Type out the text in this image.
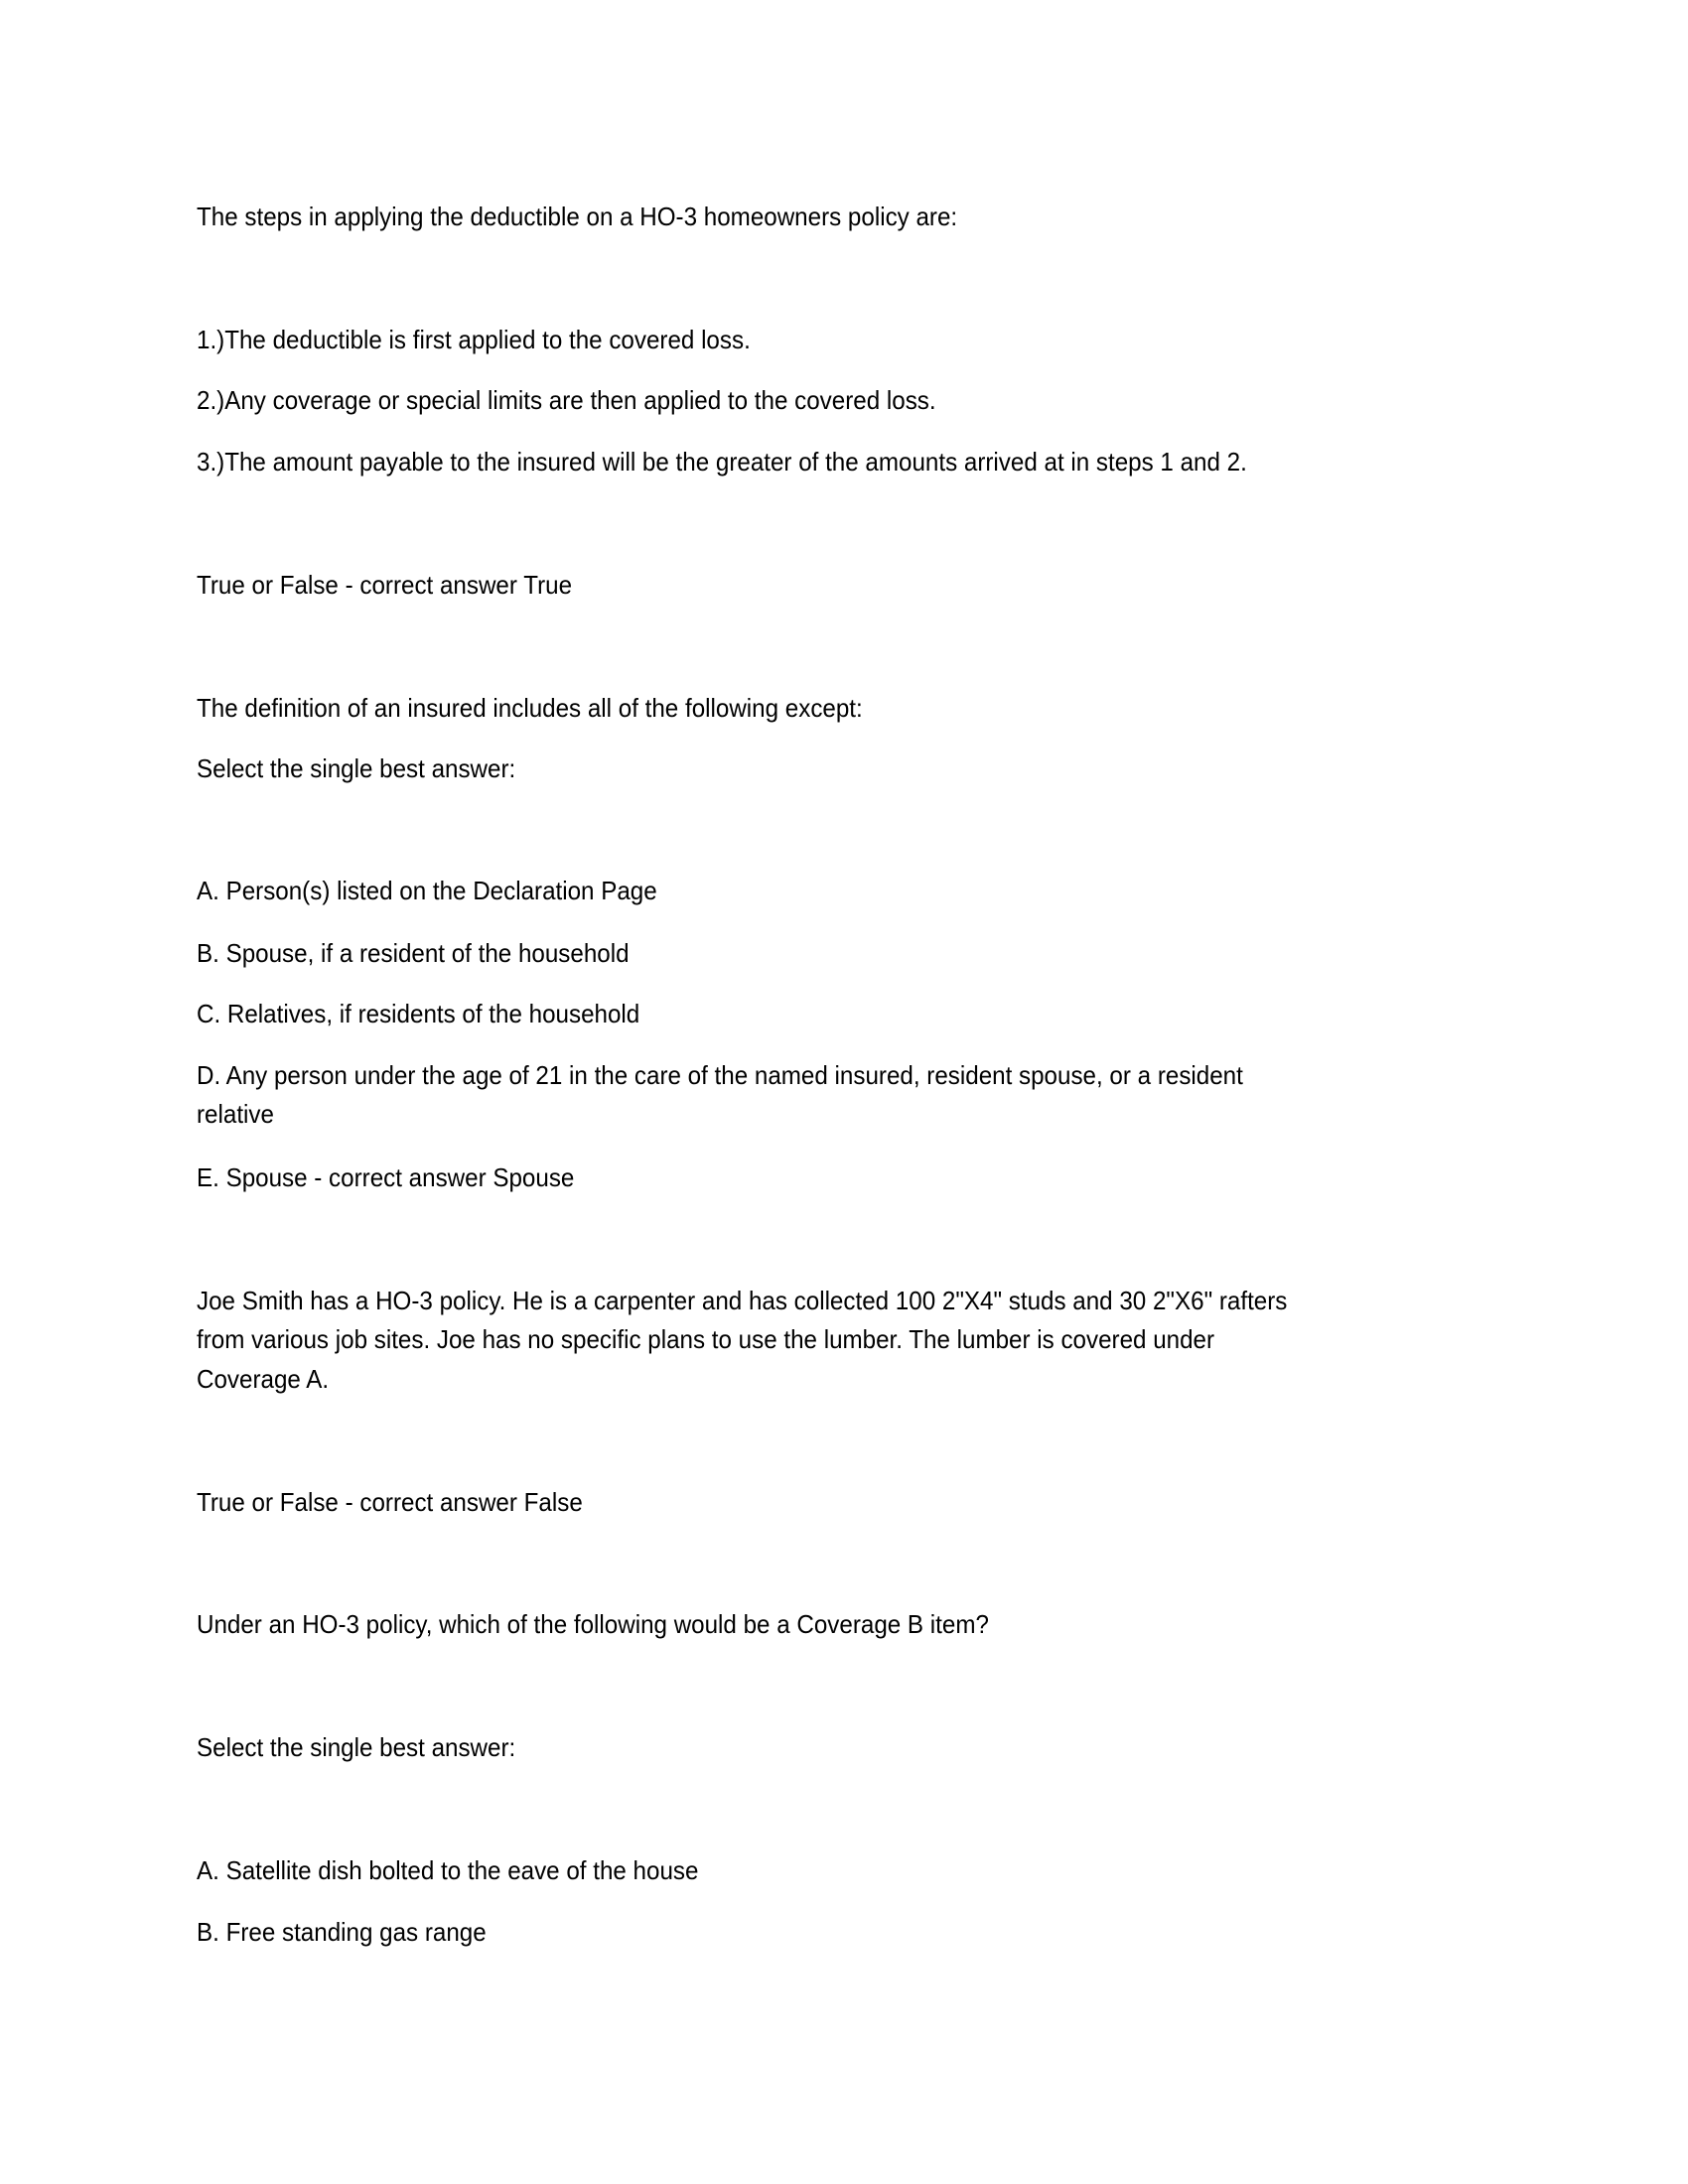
The steps in applying the deductible on a HO-3 homeowners policy are:
1.)The deductible is first applied to the covered loss.
2.)Any coverage or special limits are then applied to the covered loss.
3.)The amount payable to the insured will be the greater of the amounts arrived at in steps 1 and 2.
True or False - correct answer True
The definition of an insured includes all of the following except:
Select the single best answer:
A. Person(s) listed on the Declaration Page
B. Spouse, if a resident of the household
C. Relatives, if residents of the household
D. Any person under the age of 21 in the care of the named insured, resident spouse, or a resident
relative
E. Spouse - correct answer Spouse
Joe Smith has a HO-3 policy. He is a carpenter and has collected 100 2"X4" studs and 30 2"X6" rafters
from various job sites. Joe has no specific plans to use the lumber. The lumber is covered under
Coverage A.
True or False - correct answer False
Under an HO-3 policy, which of the following would be a Coverage B item?
Select the single best answer:
A. Satellite dish bolted to the eave of the house
B. Free standing gas range
